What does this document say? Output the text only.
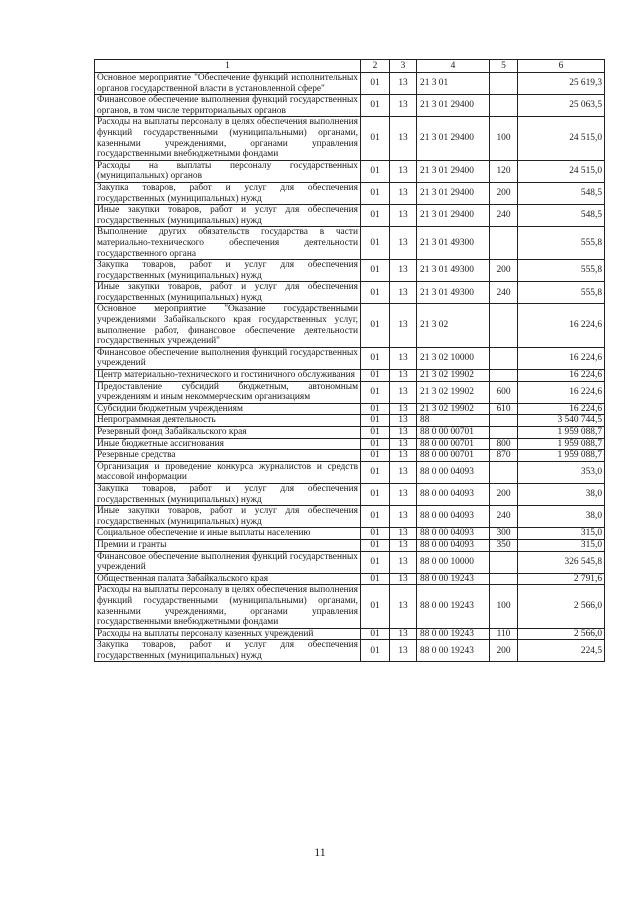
1	2	3	4	5	6
Основное мероприятие "Обеспечение функций исполнительных органов государственной власти в установленной сфере"	01	13	21 3 01		25 619,3
Финансовое обеспечение выполнения функций государственных органов, в том числе территориальных органов	01	13	21 3 01 29400		25 063,5
Расходы на выплаты персоналу в целях обеспечения выполнения функций государственными (муниципальными) органами, казенными учреждениями, органами управления государственными внебюджетными фондами	01	13	21 3 01 29400	100	24 515,0
Расходы на выплаты персоналу государственных (муниципальных) органов	01	13	21 3 01 29400	120	24 515,0
Закупка товаров, работ и услуг для обеспечения государственных (муниципальных) нужд	01	13	21 3 01 29400	200	548,5
Иные закупки товаров, работ и услуг для обеспечения государственных (муниципальных) нужд	01	13	21 3 01 29400	240	548,5
Выполнение других обязательств государства в части материально-технического обеспечения деятельности государственного органа	01	13	21 3 01 49300		555,8
Закупка товаров, работ и услуг для обеспечения государственных (муниципальных) нужд	01	13	21 3 01 49300	200	555,8
Иные закупки товаров, работ и услуг для обеспечения государственных (муниципальных) нужд	01	13	21 3 01 49300	240	555,8
Основное мероприятие "Оказание государственными учреждениями Забайкальского края государственных услуг, выполнение работ, финансовое обеспечение деятельности государственных учреждений"	01	13	21 3 02		16 224,6
Финансовое обеспечение выполнения функций государственных учреждений	01	13	21 3 02 10000		16 224,6
Центр материально-технического и гостиничного обслуживания	01	13	21 3 02 19902		16 224,6
Предоставление субсидий бюджетным, автономным учреждениям и иным некоммерческим организациям	01	13	21 3 02 19902	600	16 224,6
Субсидии бюджетным учреждениям	01	13	21 3 02 19902	610	16 224,6
Непрограммная деятельность	01	13	88		3 540 744,5
Резервный фонд Забайкальского края	01	13	88 0 00 00701		1 959 088,7
Иные бюджетные ассигнования	01	13	88 0 00 00701	800	1 959 088,7
Резервные средства	01	13	88 0 00 00701	870	1 959 088,7
Организация и проведение конкурса журналистов и средств массовой информации	01	13	88 0 00 04093		353,0
Закупка товаров, работ и услуг для обеспечения государственных (муниципальных) нужд	01	13	88 0 00 04093	200	38,0
Иные закупки товаров, работ и услуг для обеспечения государственных (муниципальных) нужд	01	13	88 0 00 04093	240	38,0
Социальное обеспечение и иные выплаты населению	01	13	88 0 00 04093	300	315,0
Премии и гранты	01	13	88 0 00 04093	350	315,0
Финансовое обеспечение выполнения функций государственных учреждений	01	13	88 0 00 10000		326 545,8
Общественная палата Забайкальского края	01	13	88 0 00 19243		2 791,6
Расходы на выплаты персоналу в целях обеспечения выполнения функций государственными (муниципальными) органами, казенными учреждениями, органами управления государственными внебюджетными фондами	01	13	88 0 00 19243	100	2 566,0
Расходы на выплаты персоналу казенных учреждений	01	13	88 0 00 19243	110	2 566,0
Закупка товаров, работ и услуг для обеспечения государственных (муниципальных) нужд	01	13	88 0 00 19243	200	224,5
11
